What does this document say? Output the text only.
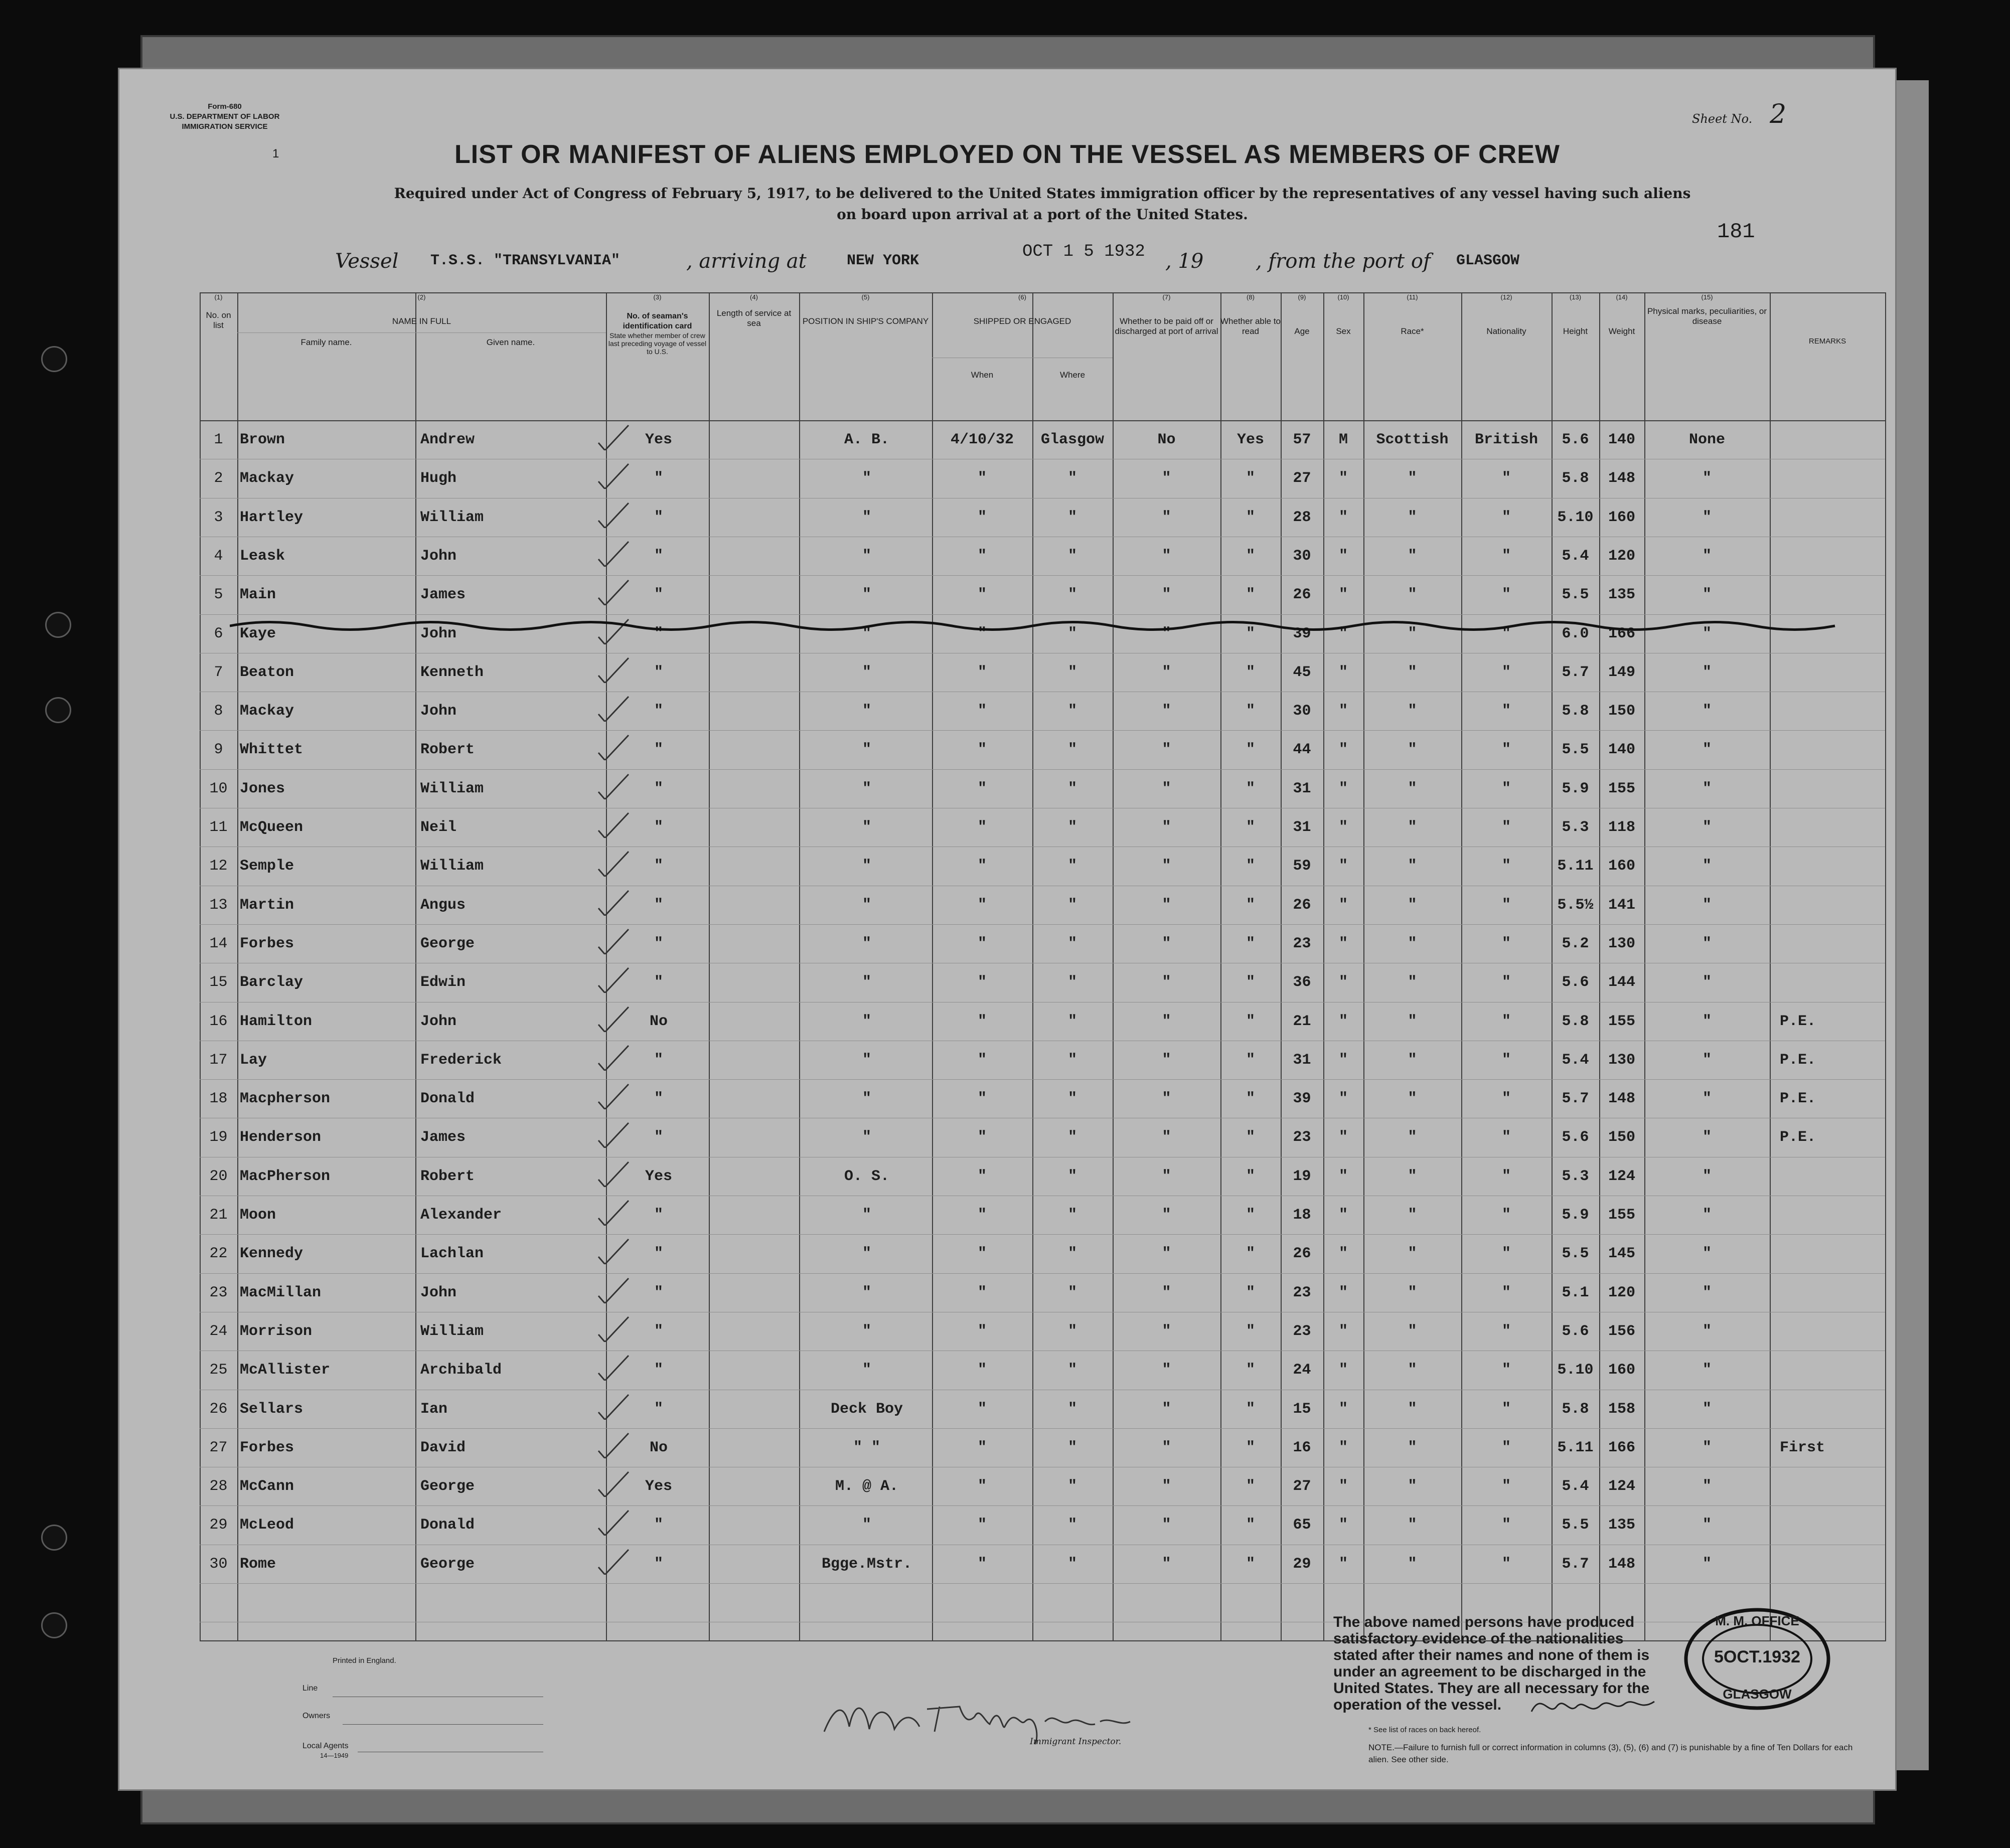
Form-680
U.S. DEPARTMENT OF LABOR
IMMIGRATION SERVICE
1
Sheet No. 2
LIST OR MANIFEST OF ALIENS EMPLOYED ON THE VESSEL AS MEMBERS OF CREW
Required under Act of Congress of February 5, 1917, to be delivered to the United States immigration officer by the representatives of any vessel having such aliens
on board upon arrival at a port of the United States.
181
Vessel T.S.S. "TRANSYLVANIA"	, arriving at	NEW YORK	OCT 1 5 1932 , 19	, from the port of GLASGOW
(1)
No. on list
(2)
NAME IN FULL
Family name.	Given name.
(3)
No. of seaman's identification card
State whether member of crew last preceding voyage of vessel to U.S.
(4)
Length of service at sea
(5)
POSITION IN SHIP'S COMPANY
(6)
SHIPPED OR ENGAGED
When	Where
(7)
Whether to be paid off or discharged at port of arrival
(8)
Whether able to read
(9)
Age
(10)
Sex
(11)
Race*
(12)
Nationality
(13)
Height
(14)
Weight
(15)
Physical marks, peculiarities, or disease
REMARKS
1	Brown	Andrew	Yes	A. B.	4/10/32	Glasgow	No	Yes	57	M	Scottish	British	5.6	140	None
2	Mackay	Hugh	"	"	"	"	"	"	27	"	"	"	5.8	148	"
3	Hartley	William	"	"	"	"	"	"	28	"	"	"	5.10 160	"
4	Leask	John	"	"	"	"	"	"	30	"	"	"	5.4	120	"
5	Main	James	"	"	"	"	"	"	26	"	"	"	5.5	135	"
6	Kaye	John	"	"	"	"	"	"	39	"	"	"	6.0	166	"
7	Beaton	Kenneth	"	"	"	"	"	"	45	"	"	"	5.7	149	"
8	Mackay	John	"	"	"	"	"	"	30	"	"	"	5.8	150	"
9	Whittet	Robert	"	"	"	"	"	"	44	"	"	"	5.5	140	"
10 Jones	William	"	"	"	"	"	"	31	"	"	"	5.9	155	"
11 McQueen	Neil	"	"	"	"	"	"	31	"	"	"	5.3	118	"
12 Semple	William	"	"	"	"	"	"	59	"	"	"	5.11 160	"
13 Martin	Angus	"	"	"	"	"	"	26	"	"	"	5.5½ 141	"
14 Forbes	George	"	"	"	"	"	"	23	"	"	"	5.2	130	"
15 Barclay	Edwin	"	"	"	"	"	"	36	"	"	"	5.6	144	"
16 Hamilton	John	No	"	"	"	"	"	21	"	"	"	5.8	155	"	P.E.
17 Lay	Frederick	"	"	"	"	"	"	31	"	"	"	5.4	130	"	P.E.
18 Macpherson	Donald	"	"	"	"	"	"	39	"	"	"	5.7	148	"	P.E.
19 Henderson	James	"	"	"	"	"	"	23	"	"	"	5.6	150	"	P.E.
20 MacPherson	Robert	Yes	O. S.	"	"	"	"	19	"	"	"	5.3	124	"
21 Moon	Alexander	"	"	"	"	"	"	18	"	"	"	5.9	155	"
22 Kennedy	Lachlan	"	"	"	"	"	"	26	"	"	"	5.5	145	"
23 MacMillan	John	"	"	"	"	"	"	23	"	"	"	5.1	120	"
24 Morrison	William	"	"	"	"	"	"	23	"	"	"	5.6	156	"
25 McAllister	Archibald	"	"	"	"	"	"	24	"	"	"	5.10 160	"
26 Sellars	Ian	"	Deck Boy	"	"	"	"	15	"	"	"	5.8	158	"
27 Forbes	David	No	" "	"	"	"	"	16	"	"	"	5.11 166	"	First
28 McCann	George	Yes	M. @ A.	"	"	"	"	27	"	"	"	5.4	124	"
29 McLeod	Donald	"	"	"	"	"	"	65	"	"	"	5.5	135	"
30 Rome	George	"	Bgge.Mstr.	"	"	"	"	29	"	"	"	5.7	148	"
Printed in England.
Line
Owners
Local Agents
14—1949
Immigrant Inspector.
The above named persons have produced satisfactory evidence of the nationalities stated after their names and none of them is under an agreement to be discharged in the United States. They are all necessary for the operation of the vessel.
* See list of races on back hereof.
NOTE.—Failure to furnish full or correct information in columns (3), (5), (6) and (7) is punishable by a fine of Ten Dollars for each alien. See other side.
M. M. OFFICE
5OCT.1932
GLASGOW
